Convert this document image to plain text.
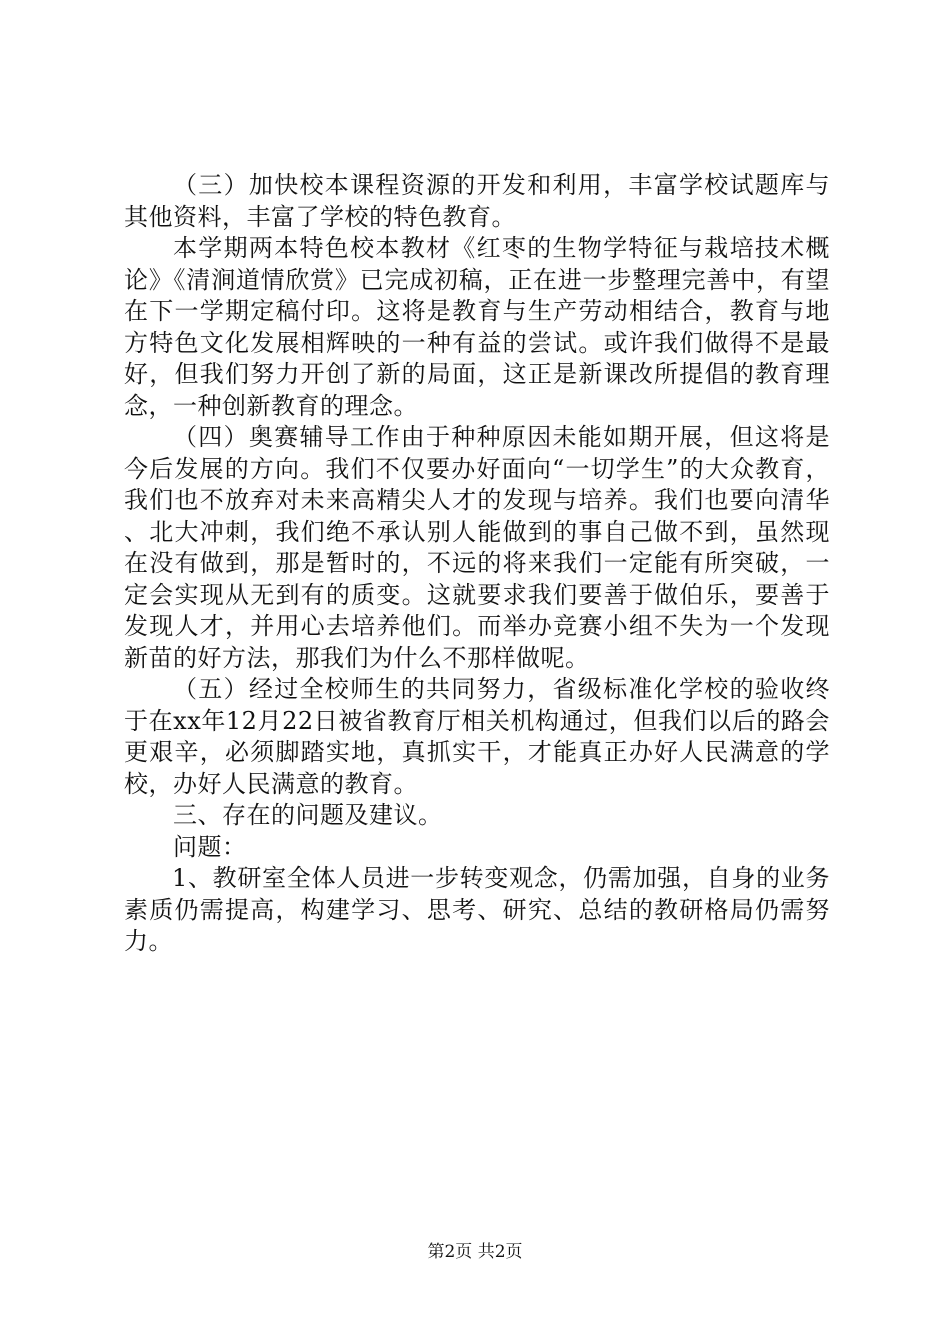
（三）加快校本课程资源的开发和利用，丰富学校试题库与其他资料，丰富了学校的特色教育。

本学期两本特色校本教材《红枣的生物学特征与栽培技术概论》《清涧道情欣赏》已完成初稿，正在进一步整理完善中，有望在下一学期定稿付印。这将是教育与生产劳动相结合，教育与地方特色文化发展相辉映的一种有益的尝试。或许我们做得不是最好，但我们努力开创了新的局面，这正是新课改所提倡的教育理念，一种创新教育的理念。

（四）奥赛辅导工作由于种种原因未能如期开展，但这将是今后发展的方向。我们不仅要办好面向“一切学生”的大众教育，我们也不放弃对未来高精尖人才的发现与培养。我们也要向清华、北大冲刺，我们绝不承认别人能做到的事自己做不到，虽然现在没有做到，那是暂时的，不远的将来我们一定能有所突破，一定会实现从无到有的质变。这就要求我们要善于做伯乐，要善于发现人才，并用心去培养他们。而举办竞赛小组不失为一个发现新苗的好方法，那我们为什么不那样做呢。

（五）经过全校师生的共同努力，省级标准化学校的验收终于在xx年12月22日被省教育厅相关机构通过，但我们以后的路会更艰辛，必须脚踏实地，真抓实干，才能真正办好人民满意的学校，办好人民满意的教育。

三、存在的问题及建议。

问题：

1、教研室全体人员进一步转变观念，仍需加强，自身的业务素质仍需提高，构建学习、思考、研究、总结的教研格局仍需努力。

第2页 共2页
